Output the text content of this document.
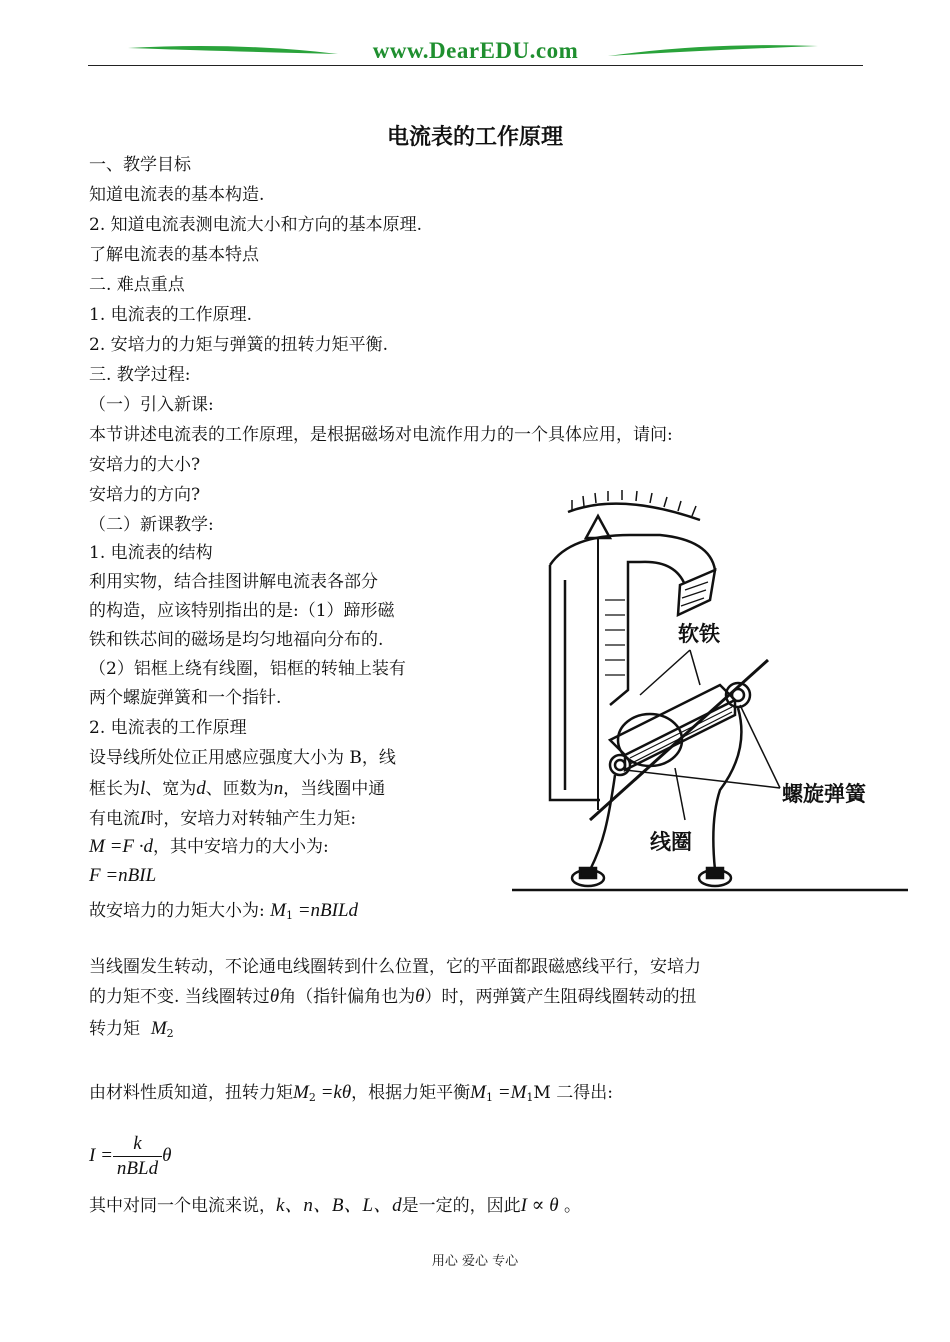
www.DearEDU.com
电流表的工作原理
一、教学目标
知道电流表的基本构造.
2. 知道电流表测电流大小和方向的基本原理.
了解电流表的基本特点
二. 难点重点
1. 电流表的工作原理.
2. 安培力的力矩与弹簧的扭转力矩平衡.
三. 教学过程:
（一）引入新课:
本节讲述电流表的工作原理，是根据磁场对电流作用力的一个具体应用，请问:
安培力的大小?
安培力的方向?
（二）新课教学:
1. 电流表的结构
利用实物，结合挂图讲解电流表各部分
的构造，应该特别指出的是:（1）蹄形磁
铁和铁芯间的磁场是均匀地福向分布的.
（2）铝框上绕有线圈，铝框的转轴上装有
两个螺旋弹簧和一个指针.
2. 电流表的工作原理
设导线所处位正用感应强度大小为 B，线
框长为l、宽为d、匝数为n，当线圈中通
有电流I时，安培力对转轴产生力矩:
M =F ·d，其中安培力的大小为:
F =nBIL
故安培力的力矩大小为: $M_1$ =nBILd
当线圈发生转动，不论通电线圈转到什么位置，它的平面都跟磁感线平行，安培力
的力矩不变. 当线圈转过θ角（指针偏角也为θ）时，两弹簧产生阻碍线圈转动的扭
转力矩 $M_2$
由材料性质知道，扭转力矩$M_2 =k\theta$，根据力矩平衡$M_1 =M_1M$ 二得出:
$I = \frac{k}{\text{nBLd}}$ θ
其中对同一个电流来说，k、n、B、L、d是一定的，因此I ∝ θ 。
软铁
螺旋弹簧
线圈
用心 爱心 专心
